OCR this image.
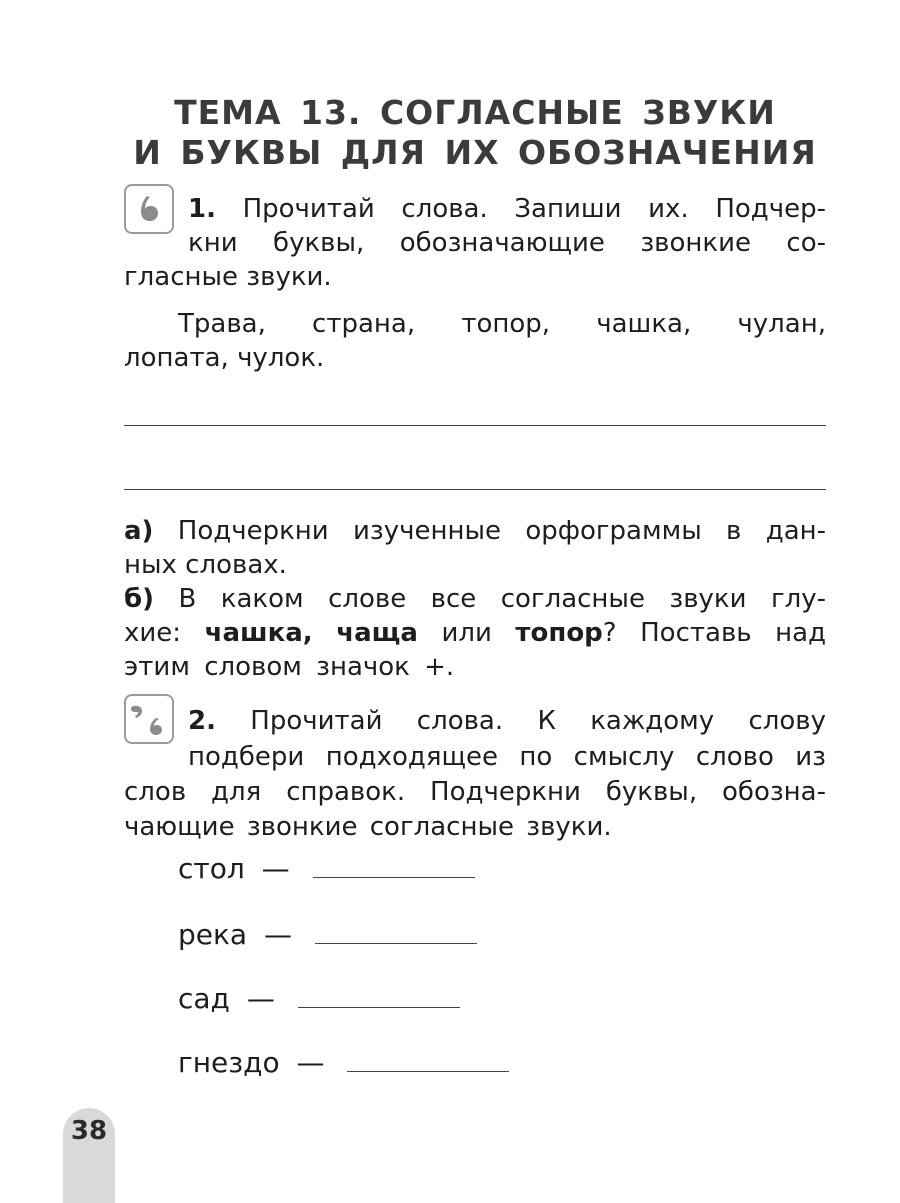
ТЕМА 13. СОГЛАСНЫЕ ЗВУКИ
И БУКВЫ ДЛЯ ИХ ОБОЗНАЧЕНИЯ
1. Прочитай слова. Запиши их. Подчер-
кни буквы, обозначающие звонкие со-
гласные звуки.
Трава, страна, топор, чашка, чулан,
лопата, чулок.
а) Подчеркни изученные орфограммы в дан-
ных словах.
б) В каком слове все согласные звуки глу-
хие: чашка, чаща или топор? Поставь над
этим словом значок +.
2. Прочитай слова. К каждому слову
подбери подходящее по смыслу слово из
слов для справок. Подчеркни буквы, обозна-
чающие звонкие согласные звуки.
стол —
река —
сад —
гнездо —
38
